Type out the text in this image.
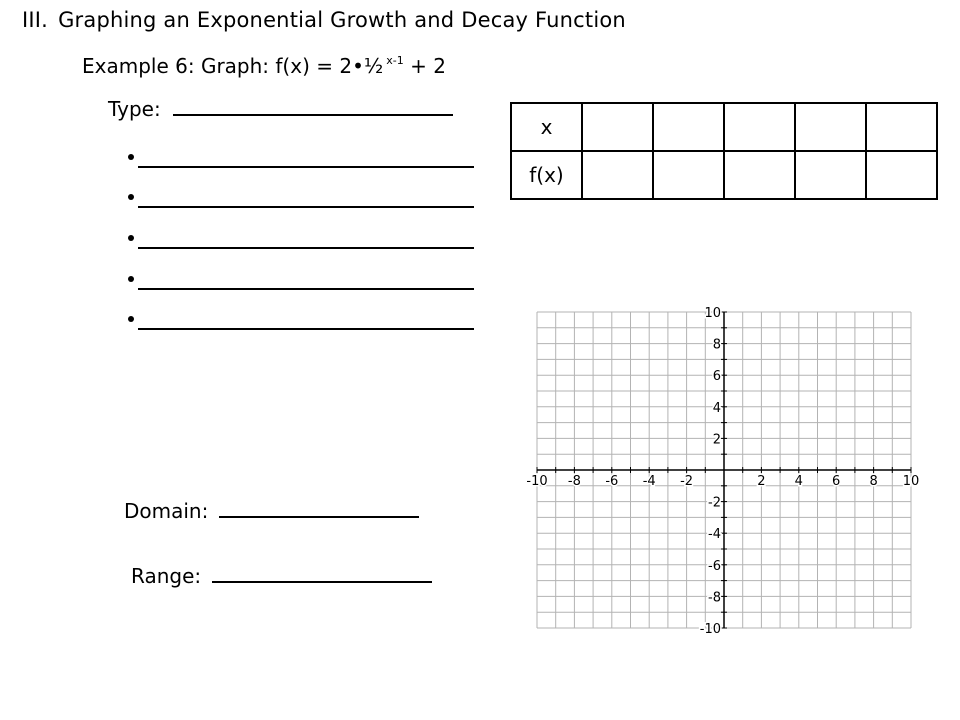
III. Graphing an Exponential Growth and Decay Function
Example 6: Graph: f(x) = 2•½ $^{x-1}$ + 2
Type:
Domain:
Range:
x					
f(x)					
-10 -8 -6 -4 -2	2 4 6 8 10
10
8
6
4
2
-2
-4
-6
-8
-10
